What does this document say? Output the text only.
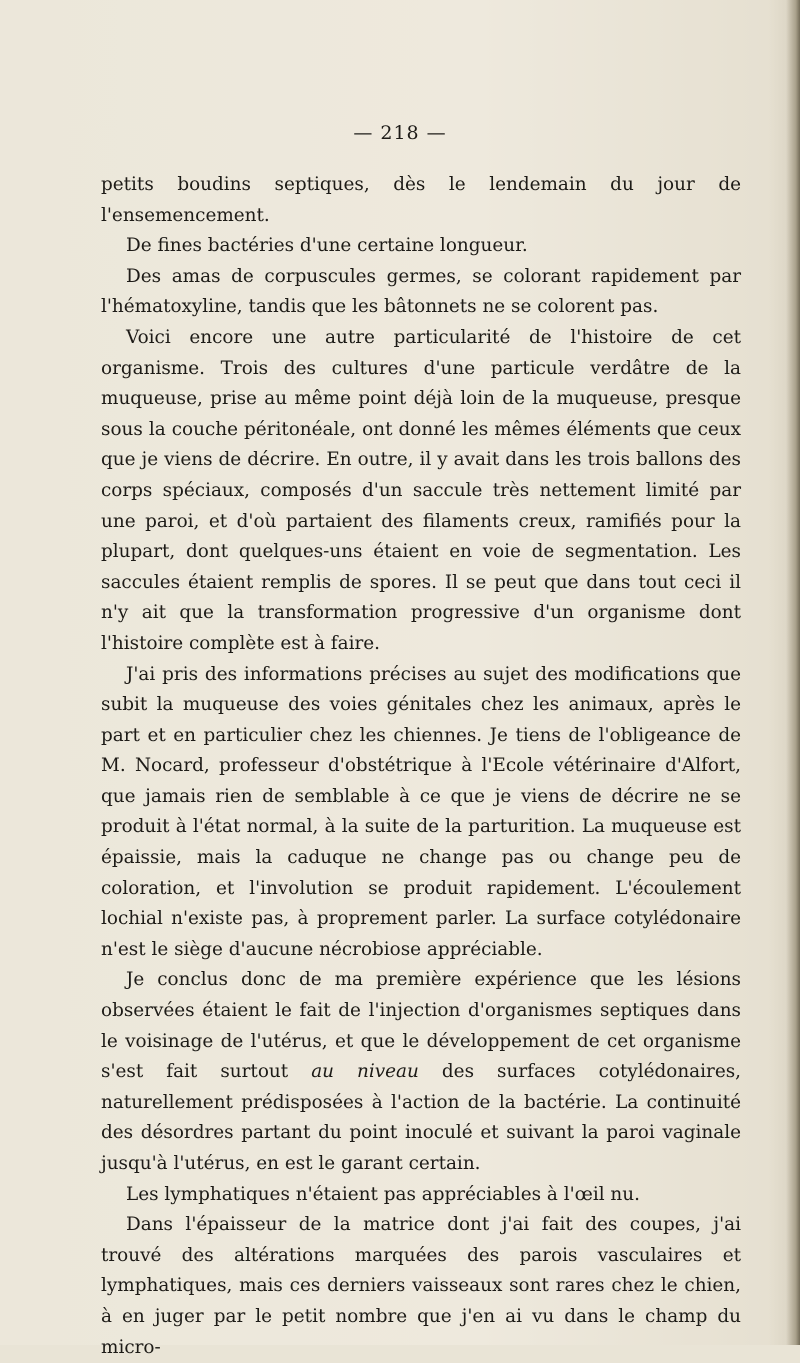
— 218 —

petits boudins septiques, dès le lendemain du jour de l'ensemencement.

De fines bactéries d'une certaine longueur.

Des amas de corpuscules germes, se colorant rapidement par l'hématoxyline, tandis que les bâtonnets ne se colorent pas.

Voici encore une autre particularité de l'histoire de cet organisme. Trois des cultures d'une particule verdâtre de la muqueuse, prise au même point déjà loin de la muqueuse, presque sous la couche péritonéale, ont donné les mêmes éléments que ceux que je viens de décrire. En outre, il y avait dans les trois ballons des corps spéciaux, composés d'un saccule très nettement limité par une paroi, et d'où partaient des filaments creux, ramifiés pour la plupart, dont quelques-uns étaient en voie de segmentation. Les saccules étaient remplis de spores. Il se peut que dans tout ceci il n'y ait que la transformation progressive d'un organisme dont l'histoire complète est à faire.

J'ai pris des informations précises au sujet des modifications que subit la muqueuse des voies génitales chez les animaux, après le part et en particulier chez les chiennes. Je tiens de l'obligeance de M. Nocard, professeur d'obstétrique à l'Ecole vétérinaire d'Alfort, que jamais rien de semblable à ce que je viens de décrire ne se produit à l'état normal, à la suite de la parturition. La muqueuse est épaissie, mais la caduque ne change pas ou change peu de coloration, et l'involution se produit rapidement. L'écoulement lochial n'existe pas, à proprement parler. La surface cotylédonaire n'est le siège d'aucune nécrobiose appréciable.

Je conclus donc de ma première expérience que les lésions observées étaient le fait de l'injection d'organismes septiques dans le voisinage de l'utérus, et que le développement de cet organisme s'est fait surtout au niveau des surfaces cotylédonaires, naturellement prédisposées à l'action de la bactérie. La continuité des désordres partant du point inoculé et suivant la paroi vaginale jusqu'à l'utérus, en est le garant certain.

Les lymphatiques n'étaient pas appréciables à l'œil nu.

Dans l'épaisseur de la matrice dont j'ai fait des coupes, j'ai trouvé des altérations marquées des parois vasculaires et lymphatiques, mais ces derniers vaisseaux sont rares chez le chien, à en juger par le petit nombre que j'en ai vu dans le champ du micro-
